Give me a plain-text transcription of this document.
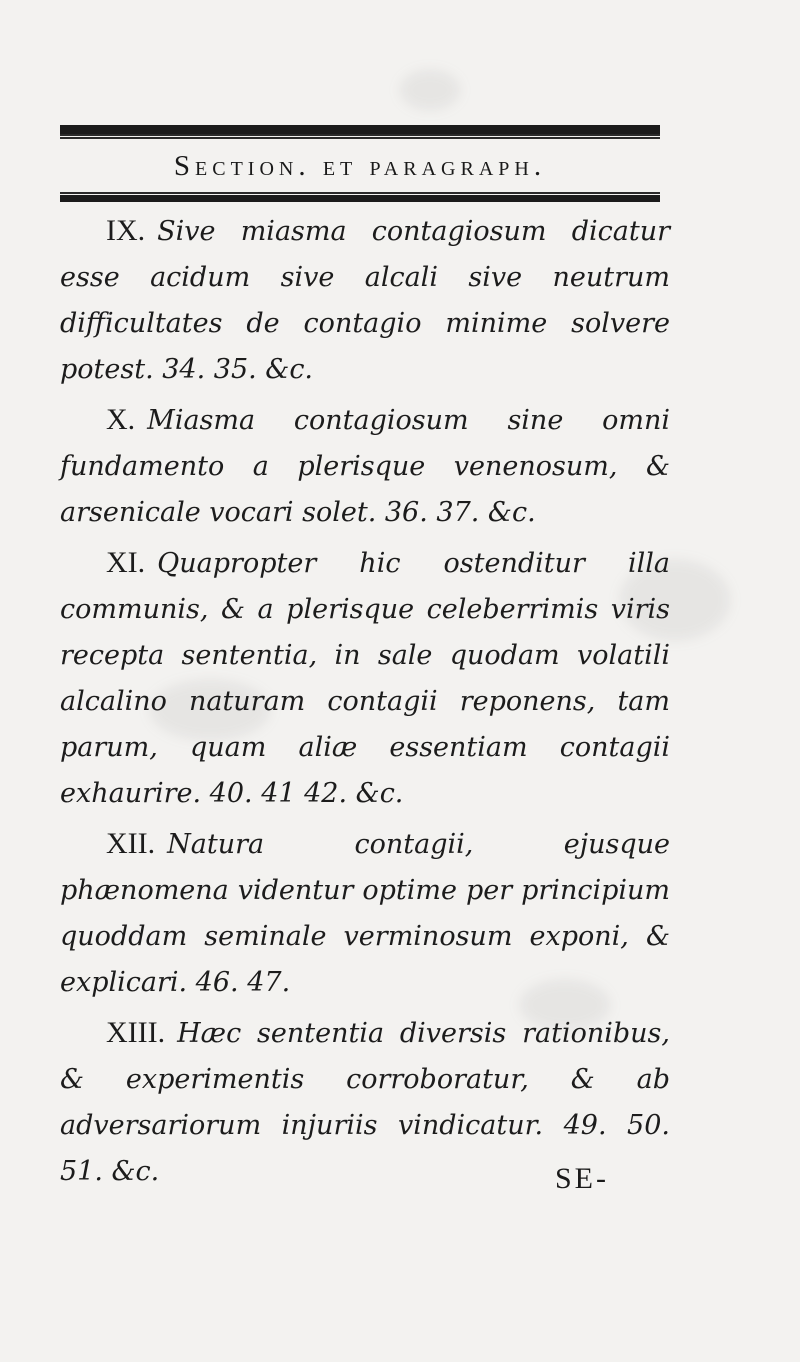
Section. et paragraph.

IX. Sive miasma contagiosum dicatur esse acidum sive alcali sive neutrum difficultates de contagio minime solvere potest. 34. 35. &c.

X. Miasma contagiosum sine omni fundamento a plerisque venenosum, & arsenicale vocari solet. 36. 37. &c.

XI. Quapropter hic ostenditur illa communis, & a plerisque celeberrimis viris recepta sententia, in sale quodam volatili alcalino naturam contagii reponens, tam parum, quam aliæ essentiam contagii exhaurire. 40. 41 42. &c.

XII. Natura contagii, ejusque phænomena videntur optime per principium quoddam seminale verminosum exponi, & explicari. 46. 47.

XIII. Hæc sententia diversis rationibus, & experimentis corroboratur, & ab adversariorum injuriis vindicatur. 49. 50. 51. &c.	SE-
